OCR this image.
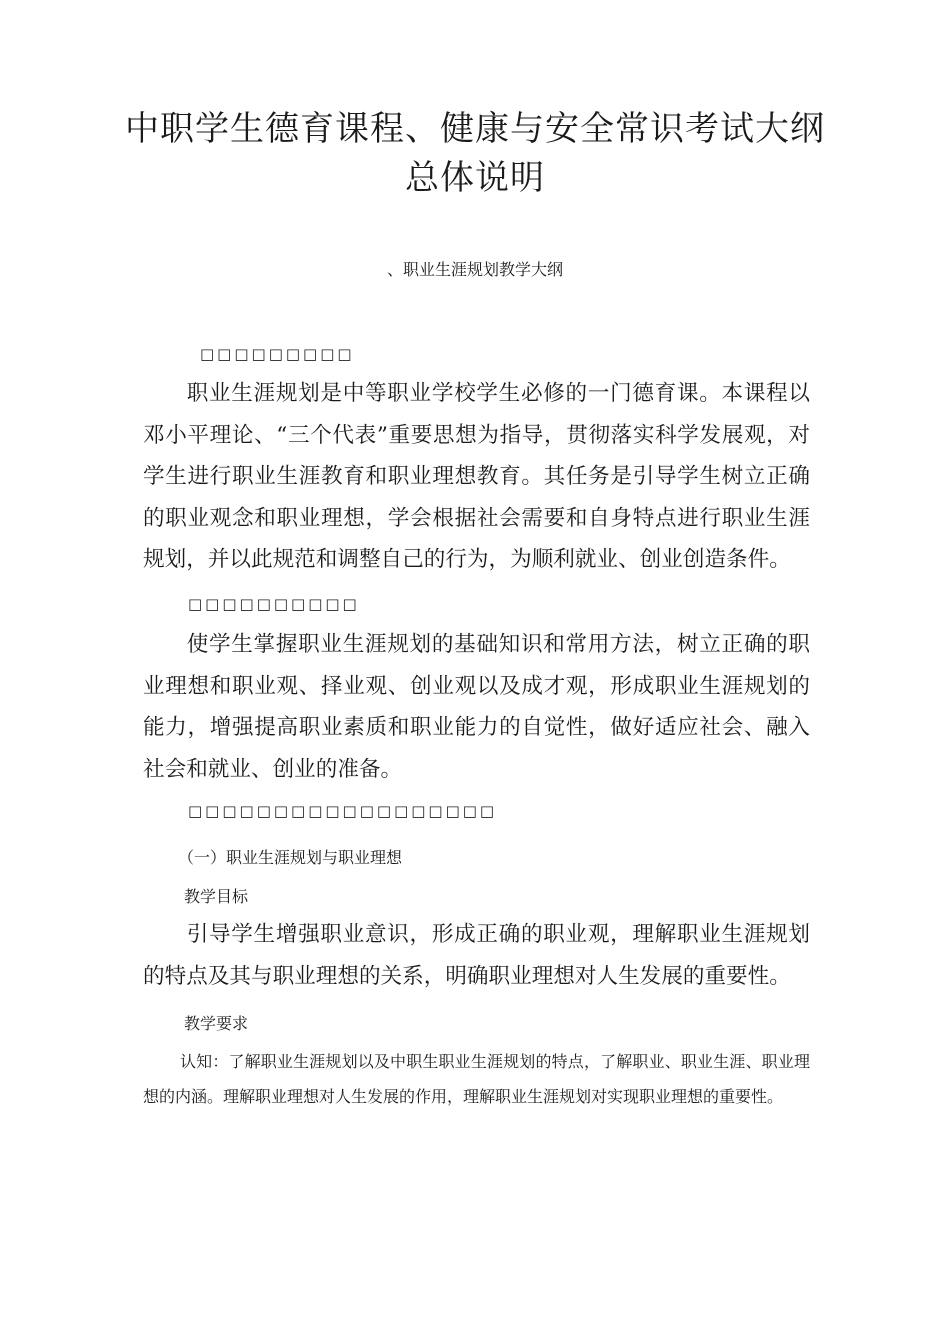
中职学生德育课程、健康与安全常识考试大纲
总体说明
、职业生涯规划教学大纲
□□□□□□□□□

职业生涯规划是中等职业学校学生必修的一门德育课。本课程以邓小平理论、“三个代表”重要思想为指导，贯彻落实科学发展观，对学生进行职业生涯教育和职业理想教育。其任务是引导学生树立正确的职业观念和职业理想，学会根据社会需要和自身特点进行职业生涯规划，并以此规范和调整自己的行为，为顺利就业、创业创造条件。

□□□□□□□□□□

使学生掌握职业生涯规划的基础知识和常用方法，树立正确的职业理想和职业观、择业观、创业观以及成才观，形成职业生涯规划的能力，增强提高职业素质和职业能力的自觉性，做好适应社会、融入社会和就业、创业的准备。

□□□□□□□□□□□□□□□□□□
（一）职业生涯规划与职业理想
教学目标

引导学生增强职业意识，形成正确的职业观，理解职业生涯规划的特点及其与职业理想的关系，明确职业理想对人生发展的重要性。

教学要求

认知：了解职业生涯规划以及中职生职业生涯规划的特点，了解职业、职业生涯、职业理想的内涵。理解职业理想对人生发展的作用，理解职业生涯规划对实现职业理想的重要性。
